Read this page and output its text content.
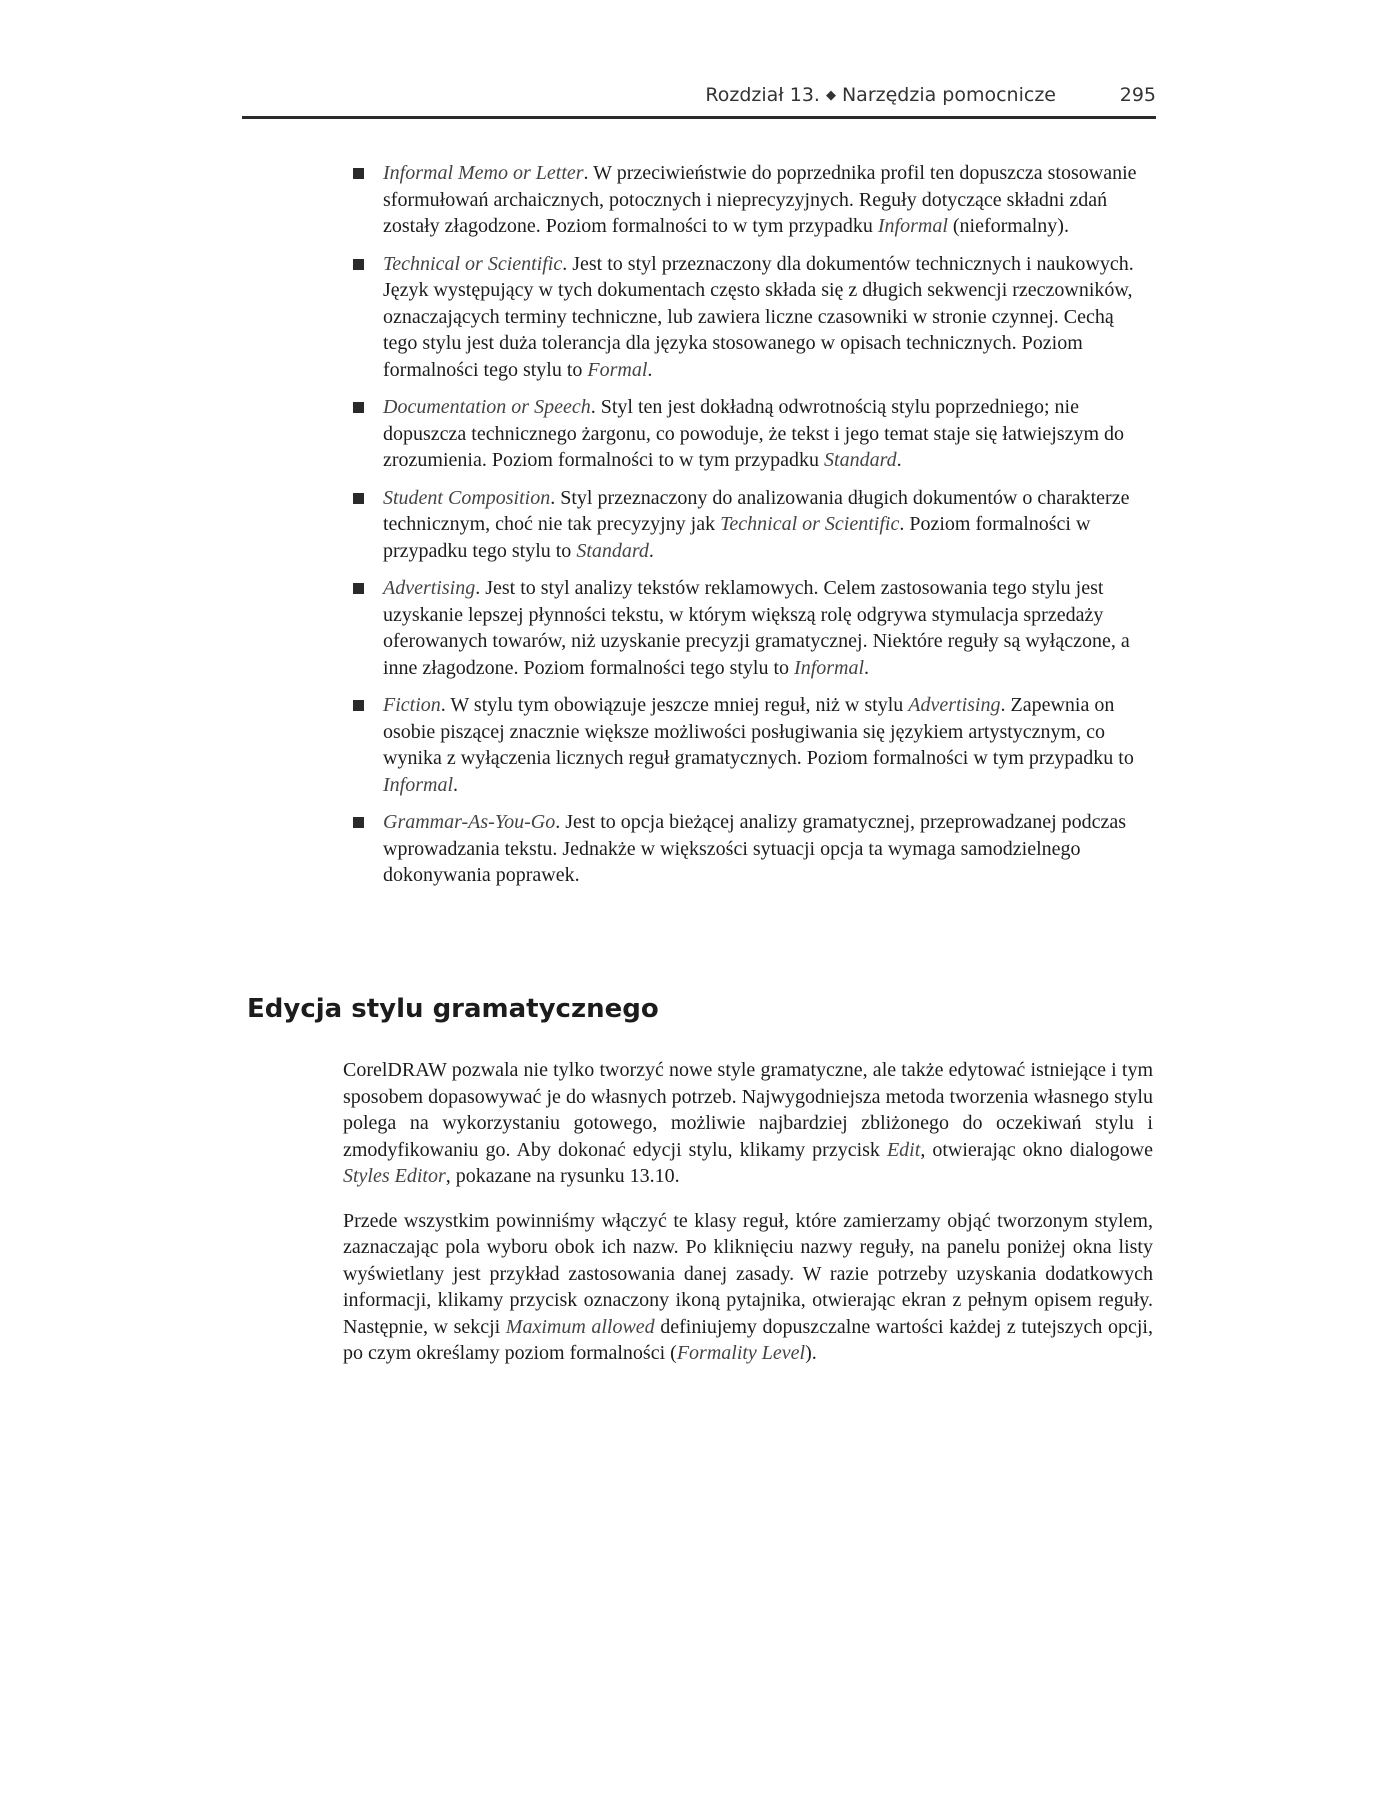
Rozdział 13. ◆ Narzędzia pomocnicze	295
Informal Memo or Letter. W przeciwieństwie do poprzednika profil ten dopuszcza stosowanie sformułowań archaicznych, potocznych i nieprecyzyjnych. Reguły dotyczące składni zdań zostały złagodzone. Poziom formalności to w tym przypadku Informal (nieformalny).
Technical or Scientific. Jest to styl przeznaczony dla dokumentów technicznych i naukowych. Język występujący w tych dokumentach często składa się z długich sekwencji rzeczowników, oznaczających terminy techniczne, lub zawiera liczne czasowniki w stronie czynnej. Cechą tego stylu jest duża tolerancja dla języka stosowanego w opisach technicznych. Poziom formalności tego stylu to Formal.
Documentation or Speech. Styl ten jest dokładną odwrotnością stylu poprzedniego; nie dopuszcza technicznego żargonu, co powoduje, że tekst i jego temat staje się łatwiejszym do zrozumienia. Poziom formalności to w tym przypadku Standard.
Student Composition. Styl przeznaczony do analizowania długich dokumentów o charakterze technicznym, choć nie tak precyzyjny jak Technical or Scientific. Poziom formalności w przypadku tego stylu to Standard.
Advertising. Jest to styl analizy tekstów reklamowych. Celem zastosowania tego stylu jest uzyskanie lepszej płynności tekstu, w którym większą rolę odgrywa stymulacja sprzedaży oferowanych towarów, niż uzyskanie precyzji gramatycznej. Niektóre reguły są wyłączone, a inne złagodzone. Poziom formalności tego stylu to Informal.
Fiction. W stylu tym obowiązuje jeszcze mniej reguł, niż w stylu Advertising. Zapewnia on osobie piszącej znacznie większe możliwości posługiwania się językiem artystycznym, co wynika z wyłączenia licznych reguł gramatycznych. Poziom formalności w tym przypadku to Informal.
Grammar-As-You-Go. Jest to opcja bieżącej analizy gramatycznej, przeprowadzanej podczas wprowadzania tekstu. Jednakże w większości sytuacji opcja ta wymaga samodzielnego dokonywania poprawek.
Edycja stylu gramatycznego

CorelDRAW pozwala nie tylko tworzyć nowe style gramatyczne, ale także edytować istniejące i tym sposobem dopasowywać je do własnych potrzeb. Najwygodniejsza metoda tworzenia własnego stylu polega na wykorzystaniu gotowego, możliwie najbardziej zbliżonego do oczekiwań stylu i zmodyfikowaniu go. Aby dokonać edycji stylu, klikamy przycisk Edit, otwierając okno dialogowe Styles Editor, pokazane na rysunku 13.10.

Przede wszystkim powinniśmy włączyć te klasy reguł, które zamierzamy objąć tworzonym stylem, zaznaczając pola wyboru obok ich nazw. Po kliknięciu nazwy reguły, na panelu poniżej okna listy wyświetlany jest przykład zastosowania danej zasady. W razie potrzeby uzyskania dodatkowych informacji, klikamy przycisk oznaczony ikoną pytajnika, otwierając ekran z pełnym opisem reguły. Następnie, w sekcji Maximum allowed definiujemy dopuszczalne wartości każdej z tutejszych opcji, po czym określamy poziom formalności (Formality Level).
